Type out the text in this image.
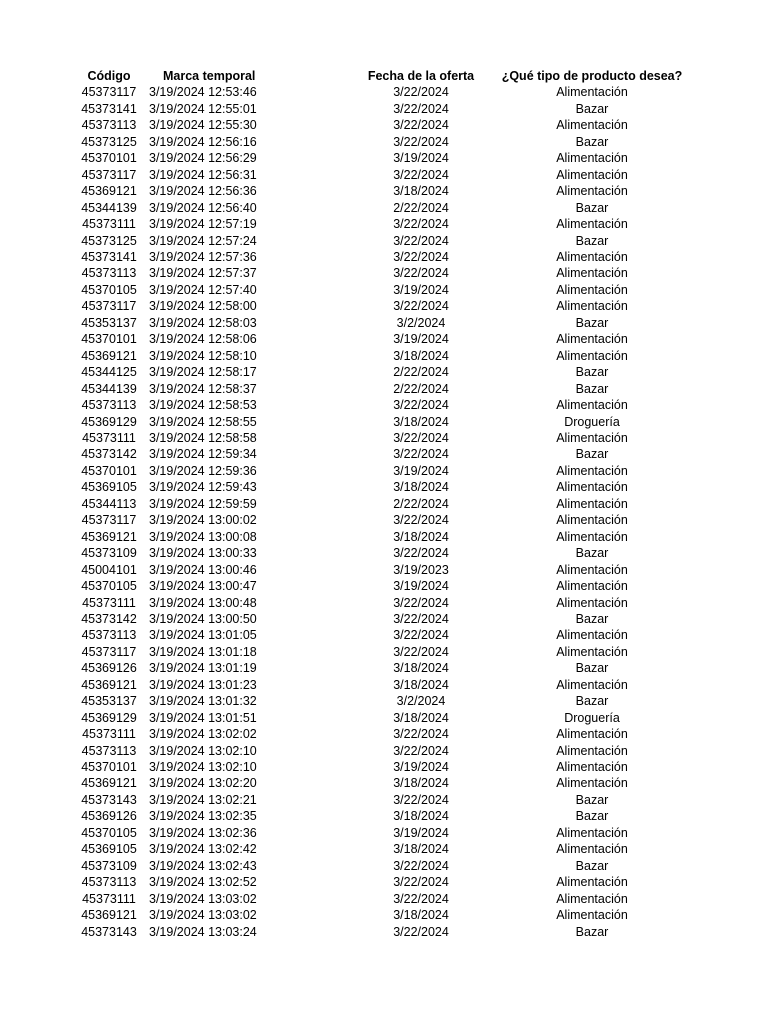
	Código	Marca temporal	Fecha de la oferta	¿Qué tipo de producto desea?	
	45373117	3/19/2024 12:53:46	3/22/2024	Alimentación	
	45373141	3/19/2024 12:55:01	3/22/2024	Bazar	
	45373113	3/19/2024 12:55:30	3/22/2024	Alimentación	
	45373125	3/19/2024 12:56:16	3/22/2024	Bazar	
	45370101	3/19/2024 12:56:29	3/19/2024	Alimentación	
	45373117	3/19/2024 12:56:31	3/22/2024	Alimentación	
	45369121	3/19/2024 12:56:36	3/18/2024	Alimentación	
	45344139	3/19/2024 12:56:40	2/22/2024	Bazar	
	45373111	3/19/2024 12:57:19	3/22/2024	Alimentación	
	45373125	3/19/2024 12:57:24	3/22/2024	Bazar	
	45373141	3/19/2024 12:57:36	3/22/2024	Alimentación	
	45373113	3/19/2024 12:57:37	3/22/2024	Alimentación	
	45370105	3/19/2024 12:57:40	3/19/2024	Alimentación	
	45373117	3/19/2024 12:58:00	3/22/2024	Alimentación	
	45353137	3/19/2024 12:58:03	3/2/2024	Bazar	
	45370101	3/19/2024 12:58:06	3/19/2024	Alimentación	
	45369121	3/19/2024 12:58:10	3/18/2024	Alimentación	
	45344125	3/19/2024 12:58:17	2/22/2024	Bazar	
	45344139	3/19/2024 12:58:37	2/22/2024	Bazar	
	45373113	3/19/2024 12:58:53	3/22/2024	Alimentación	
	45369129	3/19/2024 12:58:55	3/18/2024	Droguería	
	45373111	3/19/2024 12:58:58	3/22/2024	Alimentación	
	45373142	3/19/2024 12:59:34	3/22/2024	Bazar	
	45370101	3/19/2024 12:59:36	3/19/2024	Alimentación	
	45369105	3/19/2024 12:59:43	3/18/2024	Alimentación	
	45344113	3/19/2024 12:59:59	2/22/2024	Alimentación	
	45373117	3/19/2024 13:00:02	3/22/2024	Alimentación	
	45369121	3/19/2024 13:00:08	3/18/2024	Alimentación	
	45373109	3/19/2024 13:00:33	3/22/2024	Bazar	
	45004101	3/19/2024 13:00:46	3/19/2023	Alimentación	
	45370105	3/19/2024 13:00:47	3/19/2024	Alimentación	
	45373111	3/19/2024 13:00:48	3/22/2024	Alimentación	
	45373142	3/19/2024 13:00:50	3/22/2024	Bazar	
	45373113	3/19/2024 13:01:05	3/22/2024	Alimentación	
	45373117	3/19/2024 13:01:18	3/22/2024	Alimentación	
	45369126	3/19/2024 13:01:19	3/18/2024	Bazar	
	45369121	3/19/2024 13:01:23	3/18/2024	Alimentación	
	45353137	3/19/2024 13:01:32	3/2/2024	Bazar	
	45369129	3/19/2024 13:01:51	3/18/2024	Droguería	
	45373111	3/19/2024 13:02:02	3/22/2024	Alimentación	
	45373113	3/19/2024 13:02:10	3/22/2024	Alimentación	
	45370101	3/19/2024 13:02:10	3/19/2024	Alimentación	
	45369121	3/19/2024 13:02:20	3/18/2024	Alimentación	
	45373143	3/19/2024 13:02:21	3/22/2024	Bazar	
	45369126	3/19/2024 13:02:35	3/18/2024	Bazar	
	45370105	3/19/2024 13:02:36	3/19/2024	Alimentación	
	45369105	3/19/2024 13:02:42	3/18/2024	Alimentación	
	45373109	3/19/2024 13:02:43	3/22/2024	Bazar	
	45373113	3/19/2024 13:02:52	3/22/2024	Alimentación	
	45373111	3/19/2024 13:03:02	3/22/2024	Alimentación	
	45369121	3/19/2024 13:03:02	3/18/2024	Alimentación	
	45373143	3/19/2024 13:03:24	3/22/2024	Bazar	
